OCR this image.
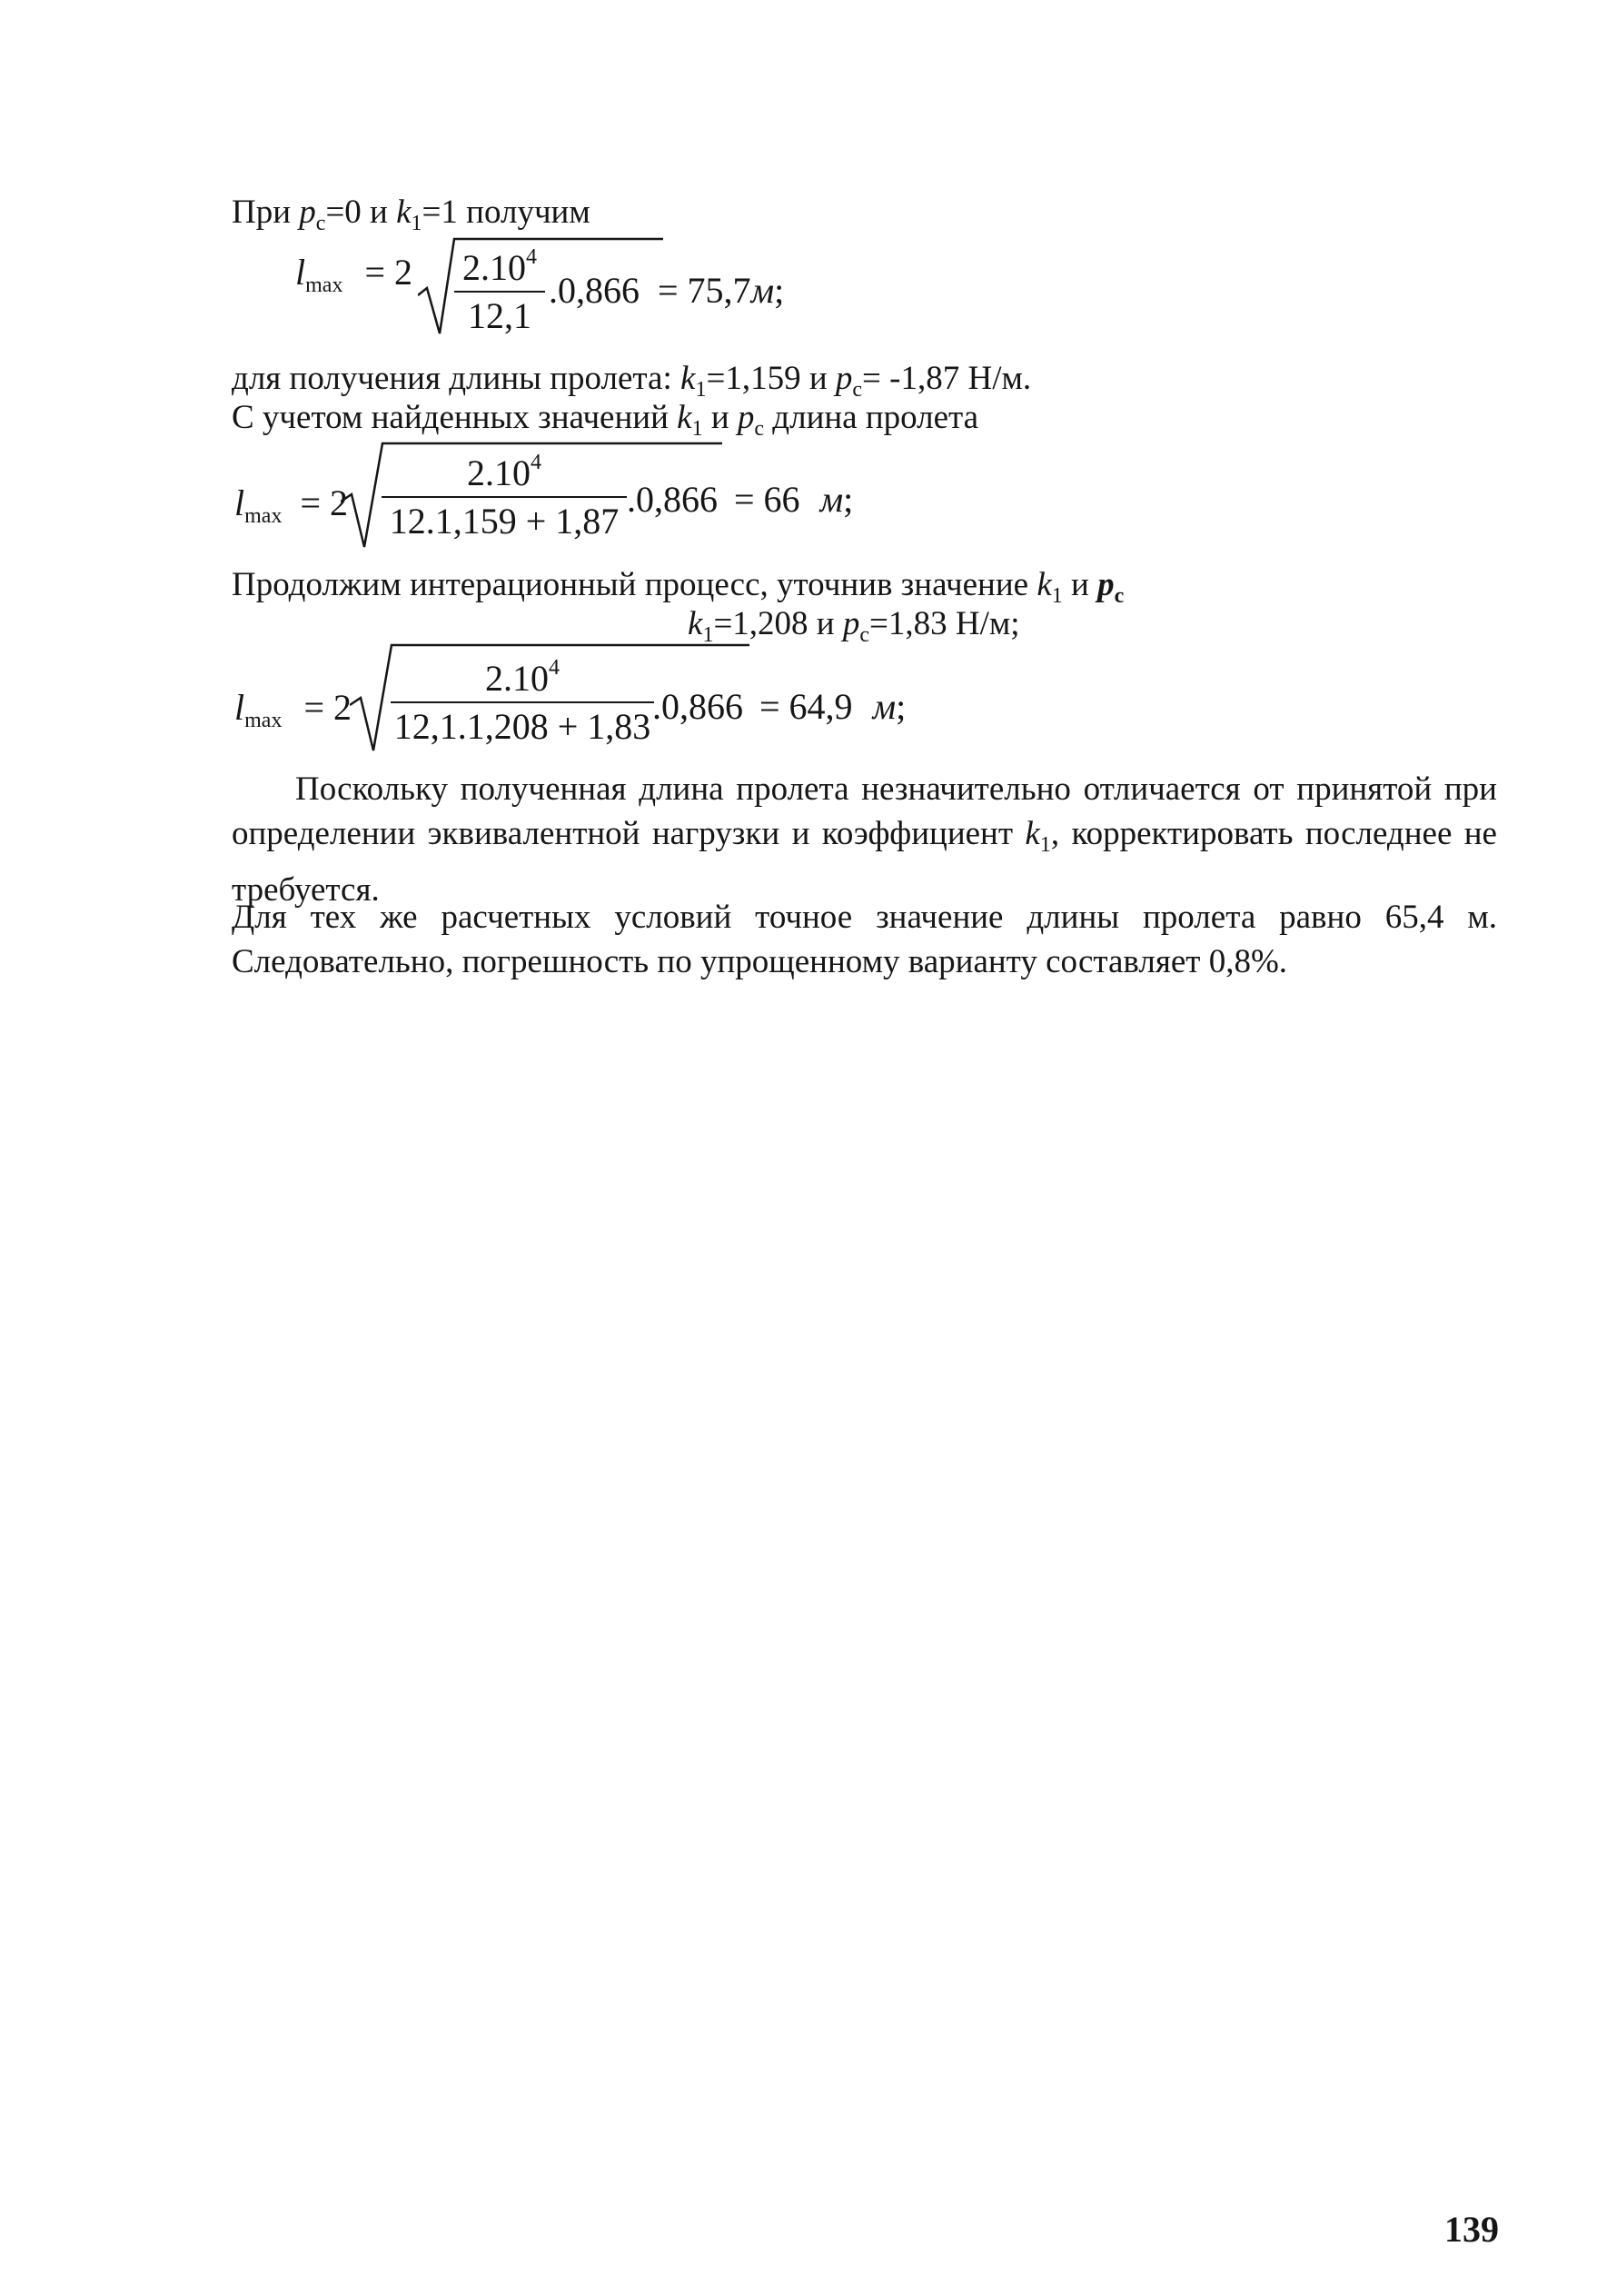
При $p_c=0$ и $k_1=1$ получим
$l_{max} = 2$ 2.10$^4$
12,1
.0,866 = 75,7м;
для получения длины пролета: $k_1=1,159$ и $p_c= -1,87$ Н/м.
С учетом найденных значений $k_1$ и $p_c$ длина пролета
$l_{max} = 2$
2.10$^4$
12.1,159 + 1,87
.0,866 = 66 м;
Продолжим интерационный процесс, уточнив значение $k_1$ и $p_c$
$k_1=1,208$ и $p_c=1,83$ Н/м;
$l_{max} = 2$
2.10$^4$
12,1.1,208 + 1,83 .0,866 = 64,9 м;
Поскольку полученная длина пролета незначительно отличается от принятой при определении эквивалентной нагрузки и коэффициент $k_1$, корректировать последнее не требуется.
Для тех же расчетных условий точное значение длины пролета равно 65,4 м. Следовательно, погрешность по упрощенному варианту составляет 0,8%.
139
